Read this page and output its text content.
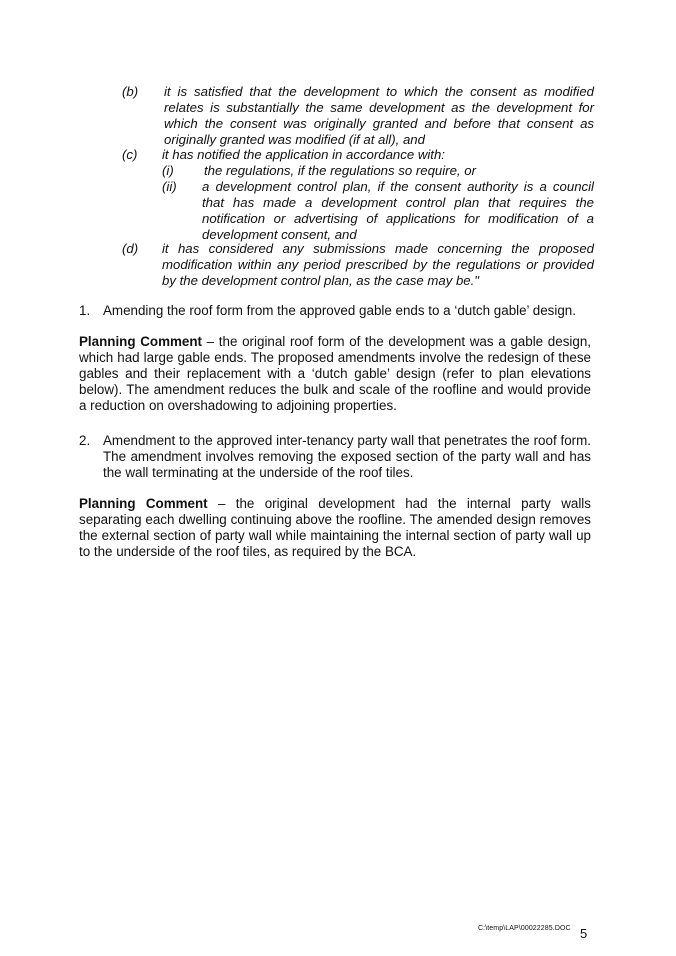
(b) it is satisfied that the development to which the consent as modified relates is substantially the same development as the development for which the consent was originally granted and before that consent as originally granted was modified (if at all), and
(c) it has notified the application in accordance with:
(i) the regulations, if the regulations so require, or
(ii) a development control plan, if the consent authority is a council that has made a development control plan that requires the notification or advertising of applications for modification of a development consent, and
(d) it has considered any submissions made concerning the proposed modification within any period prescribed by the regulations or provided by the development control plan, as the case may be."
1. Amending the roof form from the approved gable ends to a ‘dutch gable’ design.
Planning Comment – the original roof form of the development was a gable design, which had large gable ends. The proposed amendments involve the redesign of these gables and their replacement with a ‘dutch gable’ design (refer to plan elevations below). The amendment reduces the bulk and scale of the roofline and would provide a reduction on overshadowing to adjoining properties.
2. Amendment to the approved inter-tenancy party wall that penetrates the roof form. The amendment involves removing the exposed section of the party wall and has the wall terminating at the underside of the roof tiles.
Planning Comment – the original development had the internal party walls separating each dwelling continuing above the roofline. The amended design removes the external section of party wall while maintaining the internal section of party wall up to the underside of the roof tiles, as required by the BCA.
C:\temp\LAP\00022285.DOC 5
